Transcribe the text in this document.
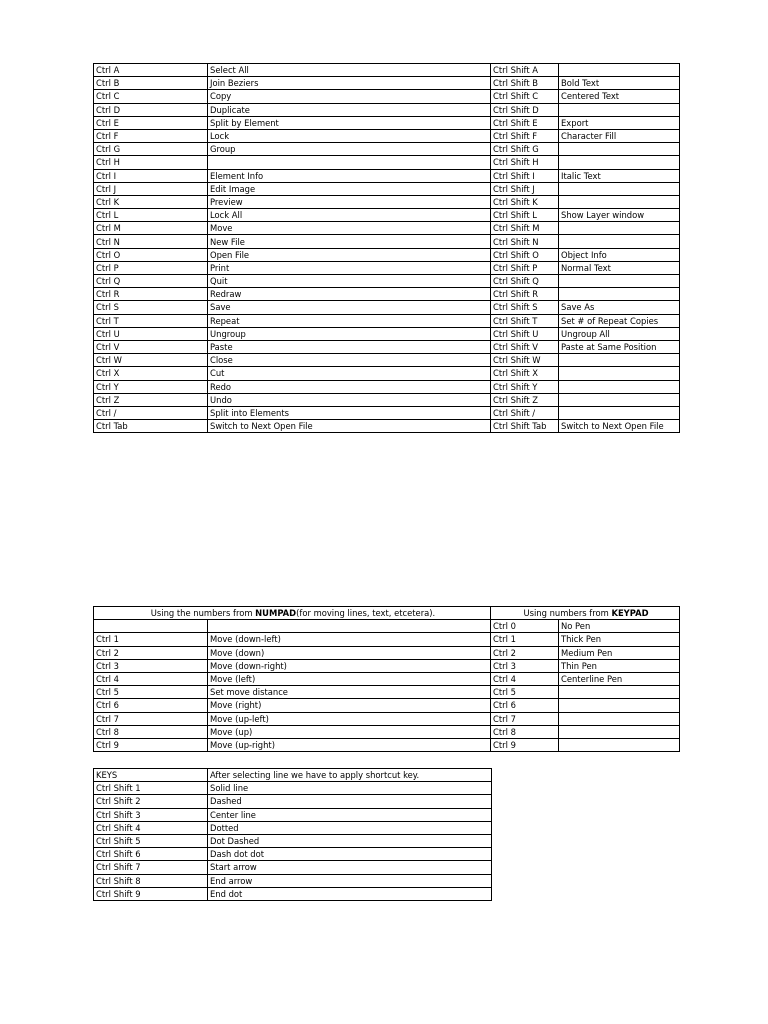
Ctrl A	Select All	Ctrl Shift A	
Ctrl B	Join Beziers	Ctrl Shift B	Bold Text
Ctrl C	Copy	Ctrl Shift C	Centered Text
Ctrl D	Duplicate	Ctrl Shift D	
Ctrl E	Split by Element	Ctrl Shift E	Export
Ctrl F	Lock	Ctrl Shift F	Character Fill
Ctrl G	Group	Ctrl Shift G	
Ctrl H		Ctrl Shift H	
Ctrl I	Element Info	Ctrl Shift I	Italic Text
Ctrl J	Edit Image	Ctrl Shift J	
Ctrl K	Preview	Ctrl Shift K	
Ctrl L	Lock All	Ctrl Shift L	Show Layer window
Ctrl M	Move	Ctrl Shift M	
Ctrl N	New File	Ctrl Shift N	
Ctrl O	Open File	Ctrl Shift O	Object Info
Ctrl P	Print	Ctrl Shift P	Normal Text
Ctrl Q	Quit	Ctrl Shift Q	
Ctrl R	Redraw	Ctrl Shift R	
Ctrl S	Save	Ctrl Shift S	Save As
Ctrl T	Repeat	Ctrl Shift T	Set # of Repeat Copies
Ctrl U	Ungroup	Ctrl Shift U	Ungroup All
Ctrl V	Paste	Ctrl Shift V	Paste at Same Position
Ctrl W	Close	Ctrl Shift W	
Ctrl X	Cut	Ctrl Shift X	
Ctrl Y	Redo	Ctrl Shift Y	
Ctrl Z	Undo	Ctrl Shift Z	
Ctrl /	Split into Elements	Ctrl Shift /	
Ctrl Tab	Switch to Next Open File	Ctrl Shift Tab	Switch to Next Open File
Using the numbers from NUMPAD(for moving lines, text, etcetera).		Using numbers from KEYPAD	
		Ctrl 0	No Pen
Ctrl 1	Move (down-left)	Ctrl 1	Thick Pen
Ctrl 2	Move (down)	Ctrl 2	Medium Pen
Ctrl 3	Move (down-right)	Ctrl 3	Thin Pen
Ctrl 4	Move (left)	Ctrl 4	Centerline Pen
Ctrl 5	Set move distance	Ctrl 5	
Ctrl 6	Move (right)	Ctrl 6	
Ctrl 7	Move (up-left)	Ctrl 7	
Ctrl 8	Move (up)	Ctrl 8	
Ctrl 9	Move (up-right)	Ctrl 9	
KEYS	After selecting line we have to apply shortcut key.
Ctrl Shift 1	Solid line
Ctrl Shift 2	Dashed
Ctrl Shift 3	Center line
Ctrl Shift 4	Dotted
Ctrl Shift 5	Dot Dashed
Ctrl Shift 6	Dash dot dot
Ctrl Shift 7	Start arrow
Ctrl Shift 8	End arrow
Ctrl Shift 9	End dot
